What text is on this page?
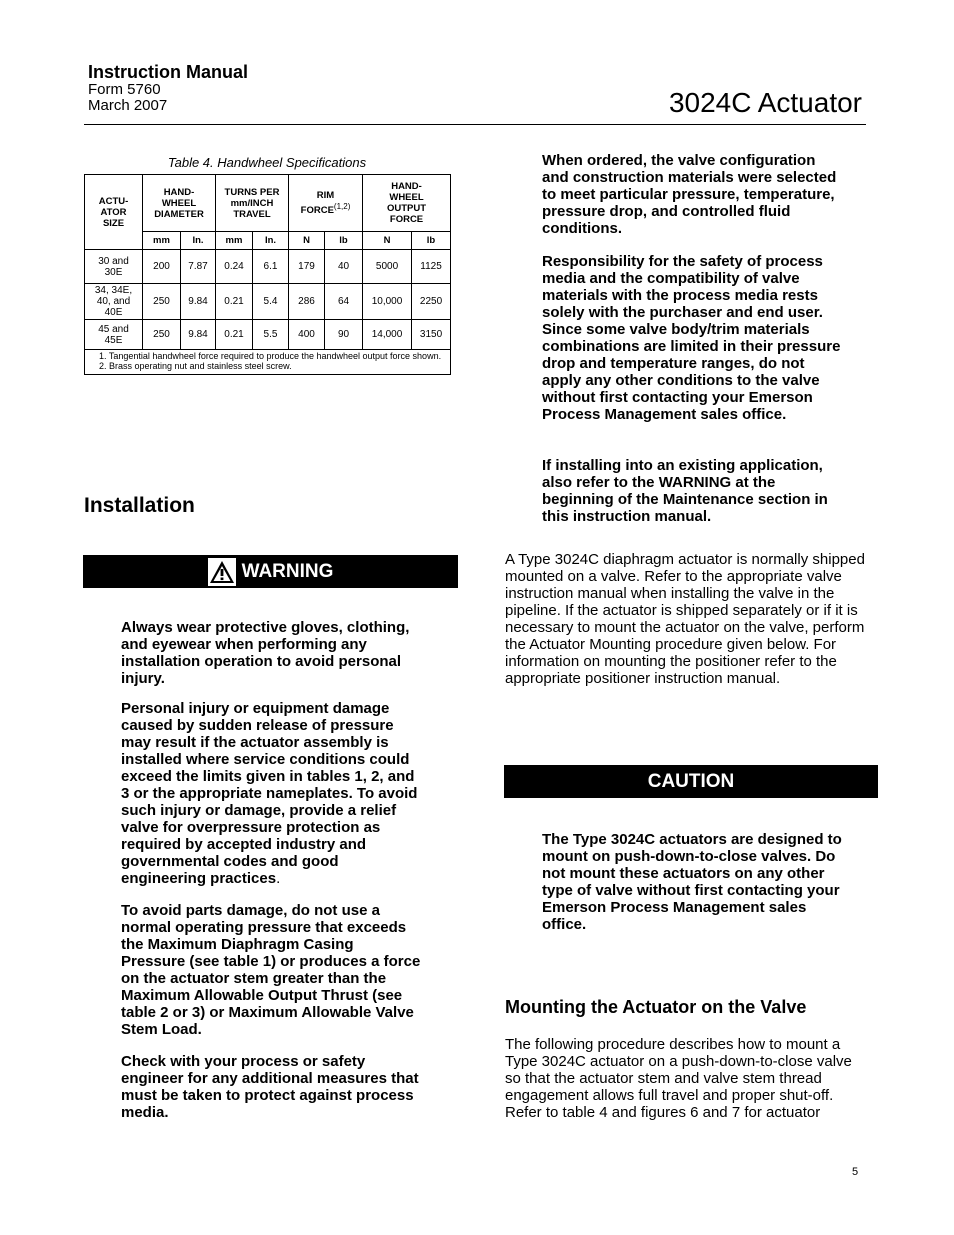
Instruction Manual
Form 5760
March 2007	3024C Actuator
Table 4. Handwheel Specifications
ACTU-
ATOR
SIZE	HAND-
WHEEL
DIAMETER		TURNS PER
mm/INCH
TRAVEL		RIM
FORCE$^{(1,2)}$		HAND-
WHEEL
OUTPUT
FORCE	
	mm	In.	mm	In.	N	lb	N	lb
30 and
30E	200	7.87	0.24	6.1	179	40	5000	1125
34, 34E,
40, and
40E	250	9.84	0.21	5.4	286	64	10,000	2250
45 and
45E	250	9.84	0.21	5.5	400	90	14,000	3150

1. Tangential handwheel force required to produce the handwheel output force shown.
2. Brass operating nut and stainless steel screw.								
Installation
WARNING
Always wear protective gloves, clothing, and eyewear when performing any installation operation to avoid personal injury.
Personal injury or equipment damage caused by sudden release of pressure may result if the actuator assembly is installed where service conditions could exceed the limits given in tables 1, 2, and 3 or the appropriate nameplates. To avoid such injury or damage, provide a relief valve for overpressure protection as required by accepted industry and governmental codes and good engineering practices.
To avoid parts damage, do not use a normal operating pressure that exceeds the Maximum Diaphragm Casing Pressure (see table 1) or produces a force on the actuator stem greater than the Maximum Allowable Output Thrust (see table 2 or 3) or Maximum Allowable Valve Stem Load.
Check with your process or safety engineer for any additional measures that must be taken to protect against process media.
When ordered, the valve configuration and construction materials were selected to meet particular pressure, temperature, pressure drop, and controlled fluid conditions.
Responsibility for the safety of process media and the compatibility of valve materials with the process media rests solely with the purchaser and end user. Since some valve body/trim materials combinations are limited in their pressure drop and temperature ranges, do not apply any other conditions to the valve without first contacting your Emerson Process Management sales office.
If installing into an existing application, also refer to the WARNING at the beginning of the Maintenance section in this instruction manual.
A Type 3024C diaphragm actuator is normally shipped mounted on a valve. Refer to the appropriate valve instruction manual when installing the valve in the pipeline. If the actuator is shipped separately or if it is necessary to mount the actuator on the valve, perform the Actuator Mounting procedure given below. For information on mounting the positioner refer to the appropriate positioner instruction manual.
CAUTION
The Type 3024C actuators are designed to mount on push-down-to-close valves. Do not mount these actuators on any other type of valve without first contacting your Emerson Process Management sales office.
Mounting the Actuator on the Valve
The following procedure describes how to mount a Type 3024C actuator on a push-down-to-close valve so that the actuator stem and valve stem thread engagement allows full travel and proper shut-off. Refer to table 4 and figures 6 and 7 for actuator
5
